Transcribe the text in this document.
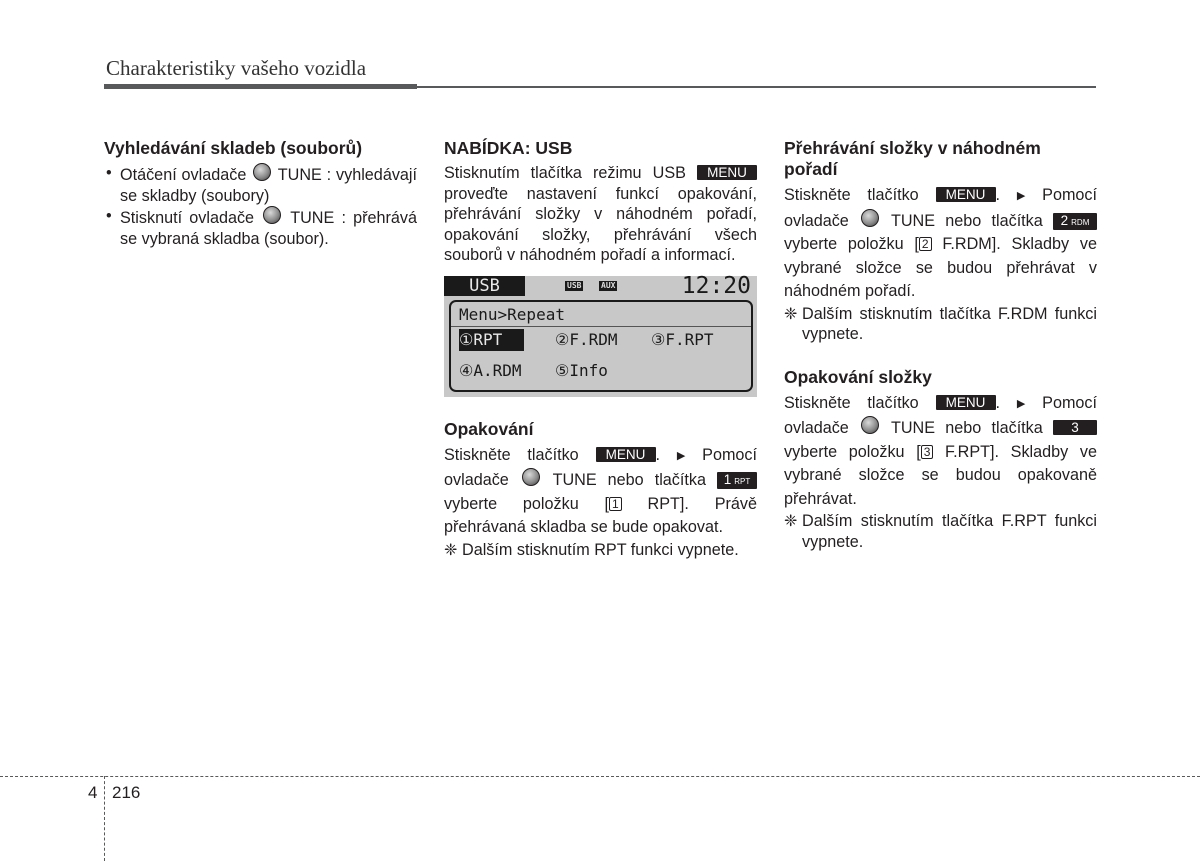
Charakteristiky vašeho vozidla
Vyhledávání skladeb (souborů)
• Otáčení ovladače TUNE : vyhledávají se skladby (soubory)
• Stisknutí ovladače TUNE : přehrává se vybraná skladba (soubor).
NABÍDKA: USB

Stisknutím tlačítka režimu USB MENU proveďte nastavení funkcí opakování, přehrávání složky v náhodném pořadí, opakování složky, přehrávání všech souborů v náhodném pořadí a informací.

USB	USB AUX	12:20
Menu>Repeat
①RPT	②F.RDM ③F.RPT
④A.RDM ⑤Info
Opakování

Stiskněte tlačítko MENU . ▶ Pomocí ovladače	TUNE nebo tlačítka 1 RPT vyberte položku [ 1 RPT]. Právě přehrávaná skladba se bude opakovat.

❈ Dalším stisknutím RPT funkci vypnete.
Přehrávání složky v náhodném pořadí

Stiskněte tlačítko MENU . ▶ Pomocí ovladače	TUNE nebo tlačítka 2 RDM vyberte položku [ 2 F.RDM]. Skladby ve vybrané složce se budou přehrávat v náhodném pořadí.

❈ Dalším stisknutím tlačítka F.RDM funkci vypnete.
Opakování složky

Stiskněte tlačítko MENU . ▶ Pomocí ovladače	TUNE nebo tlačítka 3 vyberte položku [ 3 F.RPT]. Skladby ve vybrané složce se budou opakovaně přehrávat.

❈ Dalším stisknutím tlačítka F.RPT funkci vypnete.
4 216
